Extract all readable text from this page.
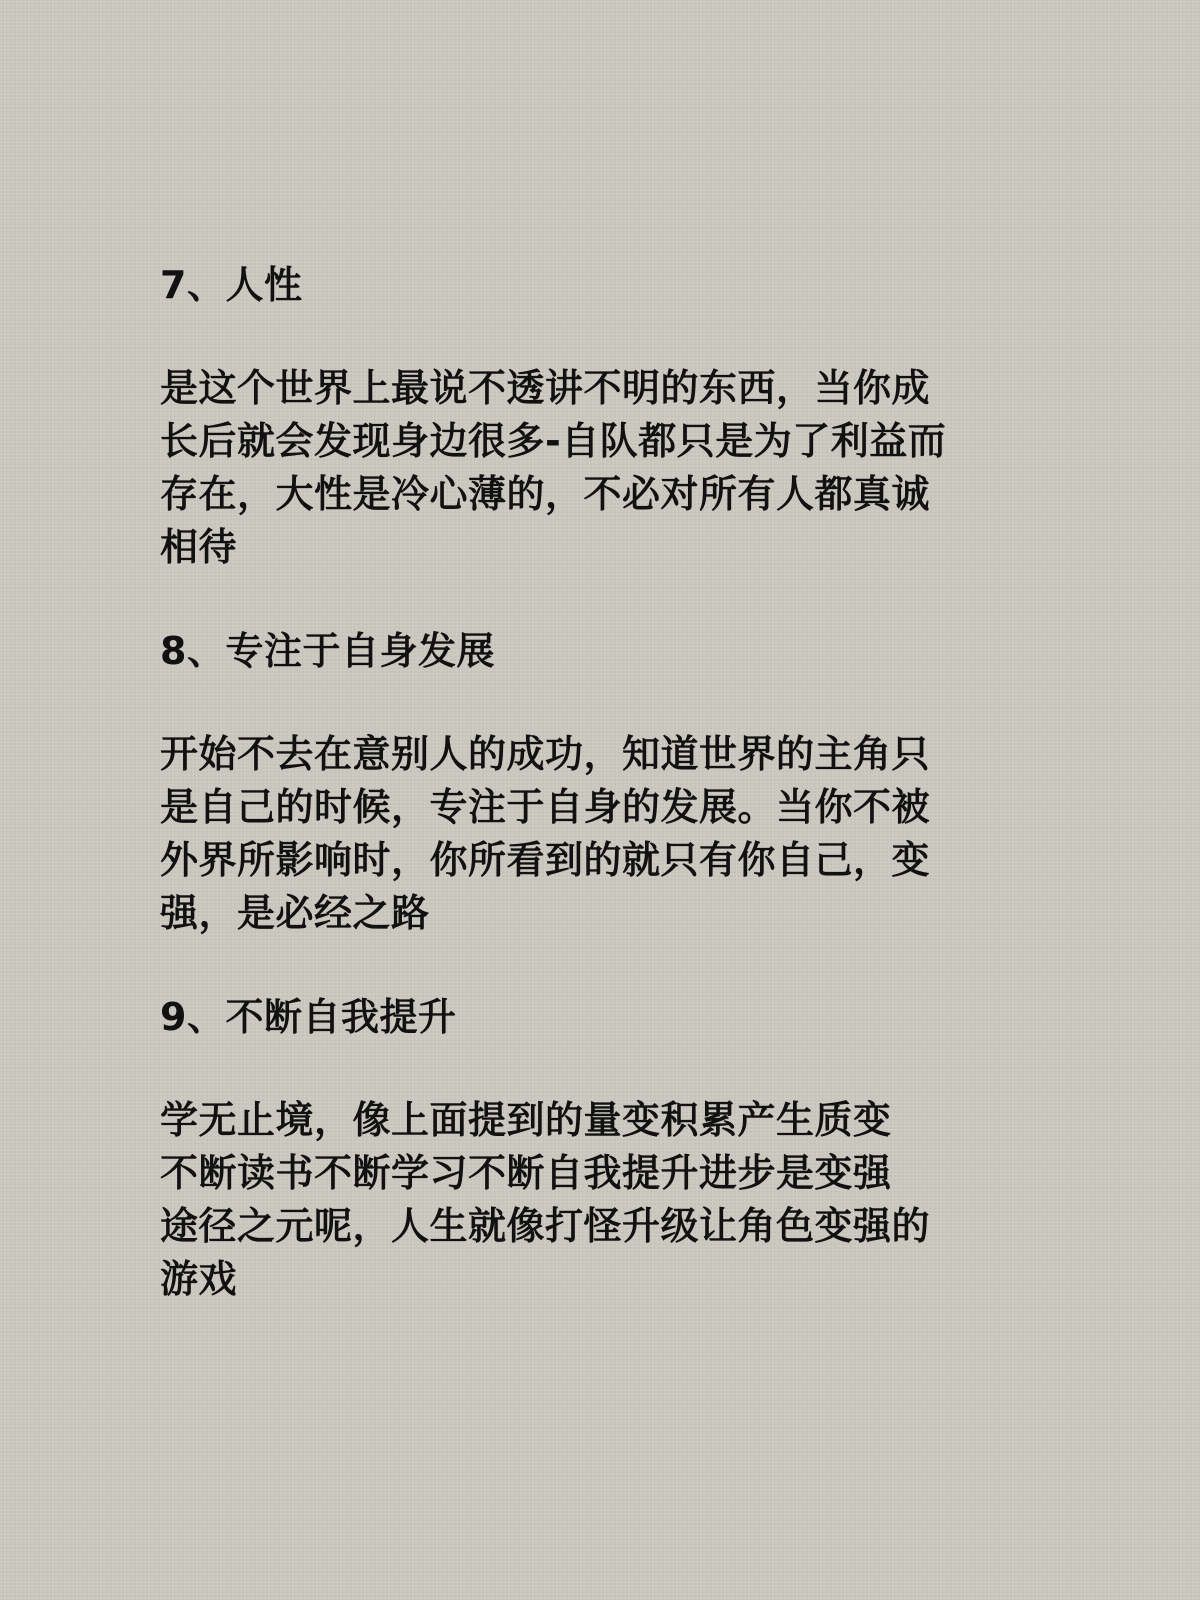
7、人性
是这个世界上最说不透讲不明的东西，当你成
长后就会发现身边很多-自队都只是为了利益而
存在，大性是冷心薄的，不必对所有人都真诚
相待
8、专注于自身发展
开始不去在意别人的成功，知道世界的主角只
是自己的时候，专注于自身的发展。当你不被
外界所影响时，你所看到的就只有你自己，变
强，是必经之路
9、不断自我提升
学无止境，像上面提到的量变积累产生质变
不断读书不断学习不断自我提升进步是变强
途径之元呢，人生就像打怪升级让角色变强的
游戏
